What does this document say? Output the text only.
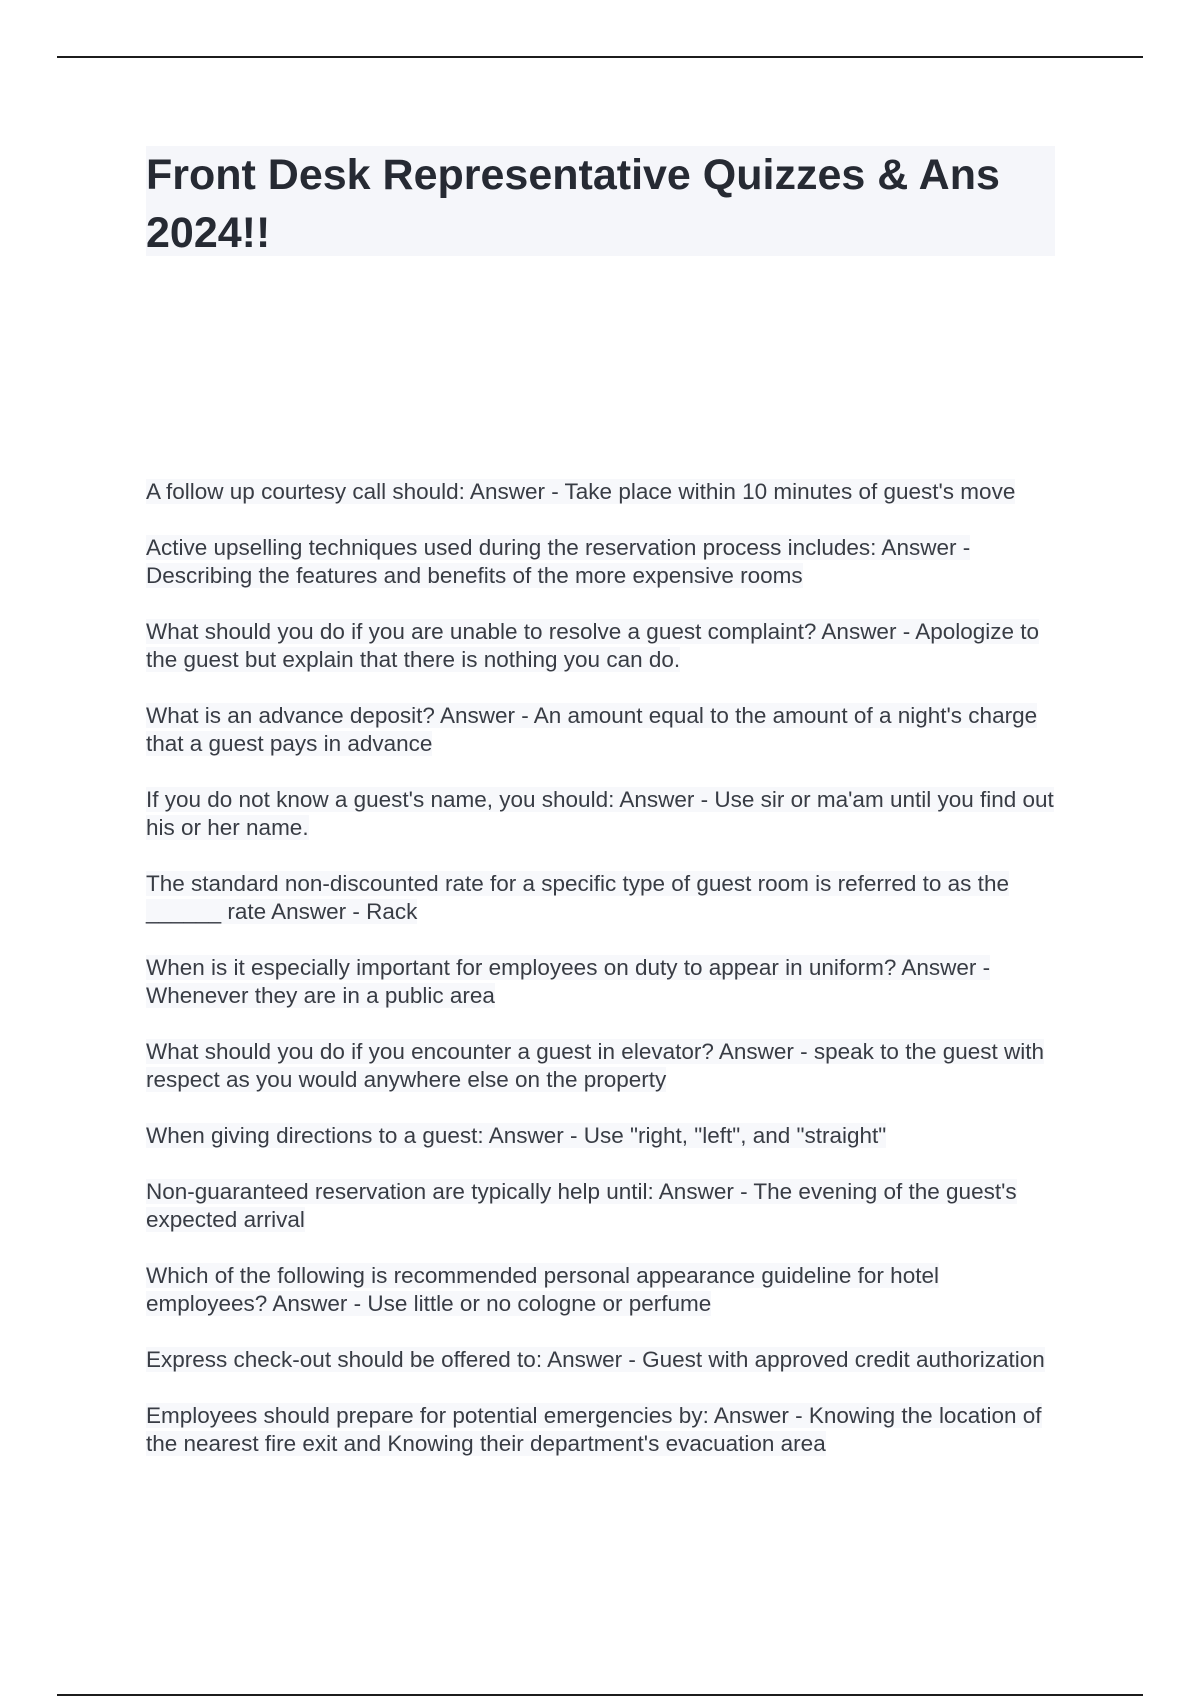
Front Desk Representative Quizzes & Ans 2024!!
A follow up courtesy call should: Answer - Take place within 10 minutes of guest's move
Active upselling techniques used during the reservation process includes: Answer - Describing the features and benefits of the more expensive rooms
What should you do if you are unable to resolve a guest complaint? Answer - Apologize to the guest but explain that there is nothing you can do.
What is an advance deposit? Answer - An amount equal to the amount of a night's charge that a guest pays in advance
If you do not know a guest's name, you should: Answer - Use sir or ma'am until you find out his or her name.
The standard non-discounted rate for a specific type of guest room is referred to as the ______ rate Answer - Rack
When is it especially important for employees on duty to appear in uniform? Answer - Whenever they are in a public area
What should you do if you encounter a guest in elevator? Answer - speak to the guest with respect as you would anywhere else on the property
When giving directions to a guest: Answer - Use "right, "left", and "straight"
Non-guaranteed reservation are typically help until: Answer - The evening of the guest's expected arrival
Which of the following is recommended personal appearance guideline for hotel employees? Answer - Use little or no cologne or perfume
Express check-out should be offered to: Answer - Guest with approved credit authorization
Employees should prepare for potential emergencies by: Answer - Knowing the location of the nearest fire exit and Knowing their department's evacuation area
